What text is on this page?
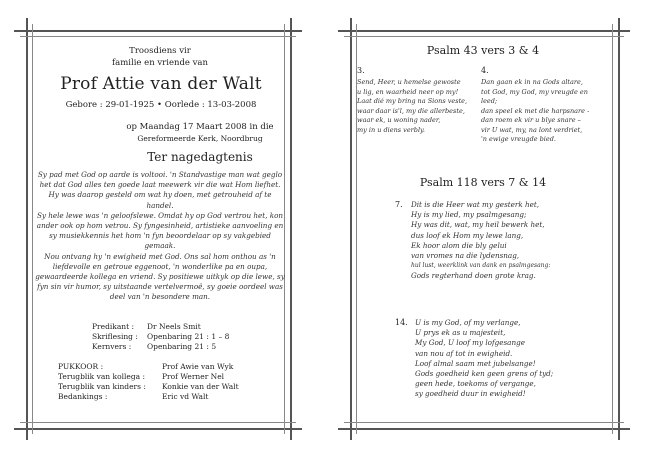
Troosdiens vir
familie en vriende van
Prof Attie van der Walt
Gebore : 29-01-1925 • Oorlede : 13-03-2008
op Maandag 17 Maart 2008 in die
Gereformeerde Kerk, Noordbrug
Ter nagedagtenis
Sy pad met God op aarde is voltooi. 'n Standvastige man wat geglo
het dat God alles ten goede laat meewerk vir die wat Hom liefhet.
Hy was daarop gesteld om wat hy doen, met getrouheid af te handel.
Sy hele lewe was 'n geloofslewe. Omdat hy op God vertrou het, kon
ander ook op hom vetrou. Sy fyngesinheid, artistieke aanvoeling en
sy musiekkennis het hom 'n fyn beoordelaar op sy vakgebied gemaak.
Nou ontvang hy 'n ewigheid met God. Ons sal hom onthou as 'n
liefdevolle en getroue eggenoot, 'n wonderlike pa en oupa,
gewaardeerde kollega en vriend. Sy positiewe uitkyk op die lewe, sy
fyn sin vir humor, sy uitstaande vertelvermoë, sy goeie oordeel was
deel van 'n besondere man.
Predikant :	Dr Neels Smit
Skriflesing :	Openbaring 21 : 1 – 8
Kernvers :	Openbaring 21 : 5
PUKKOOR :	Prof Awie van Wyk
Terugblik van kollega :	Prof Werner Nel
Terugblik van kinders :	Konkie van der Walt
Bedankings :	Eric vd Walt
Psalm 43 vers 3 & 4
3.
Send, Heer, u hemelse gewoste
u lig, en waarheid neer op my!
Laat dié my bring na Sions veste,
waar daar is'l, my die allerbeste,
waar ek, u woning nader,
my in u diens verbly.
4.
Dan gaan ek in na Gods altare,
tot God, my God, my vreugde en
leed;
dan speel ek met die harpsnare -
dan roem ek vir u blye snare –
vir U wat, my, na lont verdriet,
'n ewige vreugde bied.
Psalm 118 vers 7 & 14
7. Dit is die Heer wat my gesterk het,
Hy is my lied, my psalmgesang;
Hy was dit, wat, my heil bewerk het,
dus loof ek Hom my lewe lang,
Ek hoor alom die bly gelui
van vromes na die lydensnag,
hul lust, weerklink van dank en psalmgesang:
Gods regterhand doen grote krag.
14. U is my God, of my verlange,
U prys ek as u majesteit,
My God, U loof my lofgesange
van nou af tot in ewigheid.
Loof almal saam met jubelsange!
Gods goedheid ken geen grens of tyd;
geen hede, toekoms of vergange,
sy goedheid duur in ewigheid!
